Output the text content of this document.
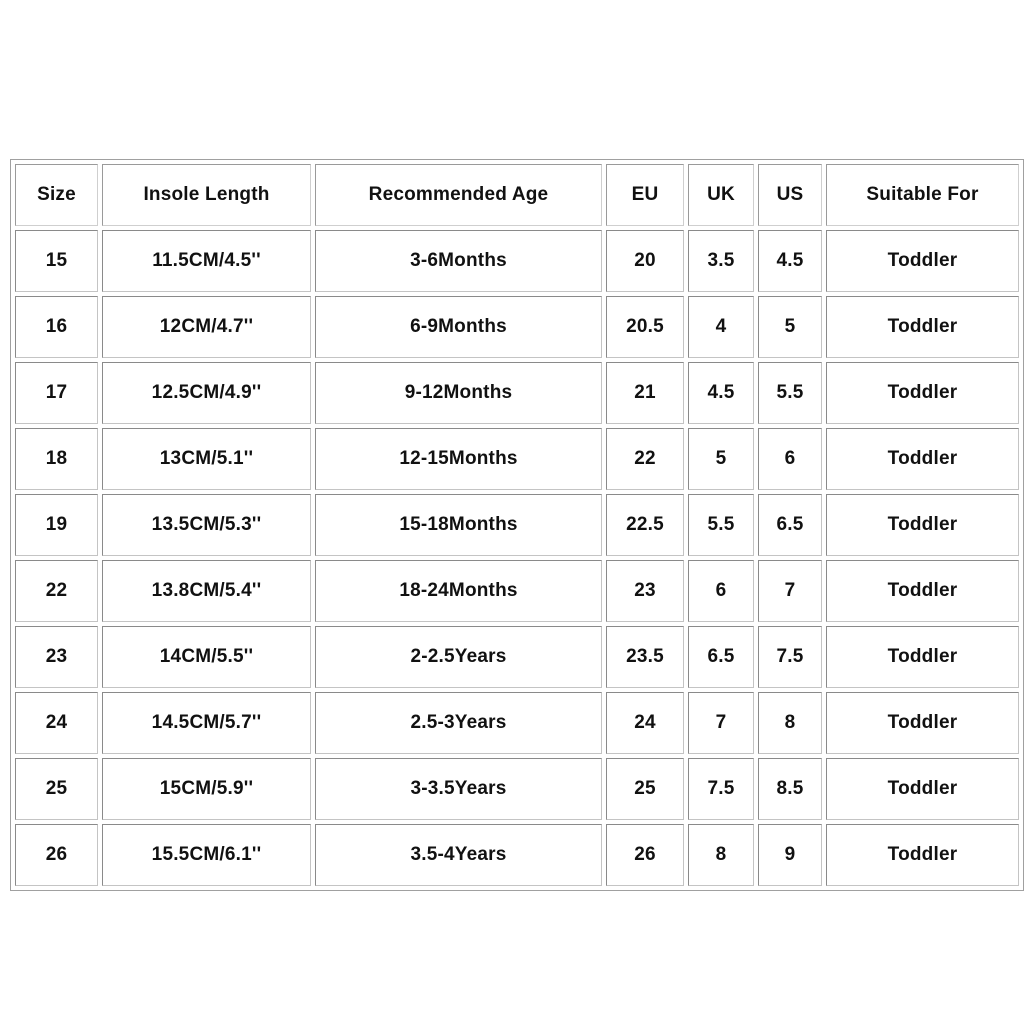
Size	Insole Length	Recommended Age	EU	UK	US	Suitable For
15	11.5CM/4.5''	3-6Months	20	3.5	4.5	Toddler
16	12CM/4.7''	6-9Months	20.5	4	5	Toddler
17	12.5CM/4.9''	9-12Months	21	4.5	5.5	Toddler
18	13CM/5.1''	12-15Months	22	5	6	Toddler
19	13.5CM/5.3''	15-18Months	22.5	5.5	6.5	Toddler
22	13.8CM/5.4''	18-24Months	23	6	7	Toddler
23	14CM/5.5''	2-2.5Years	23.5	6.5	7.5	Toddler
24	14.5CM/5.7''	2.5-3Years	24	7	8	Toddler
25	15CM/5.9''	3-3.5Years	25	7.5	8.5	Toddler
26	15.5CM/6.1''	3.5-4Years	26	8	9	Toddler
